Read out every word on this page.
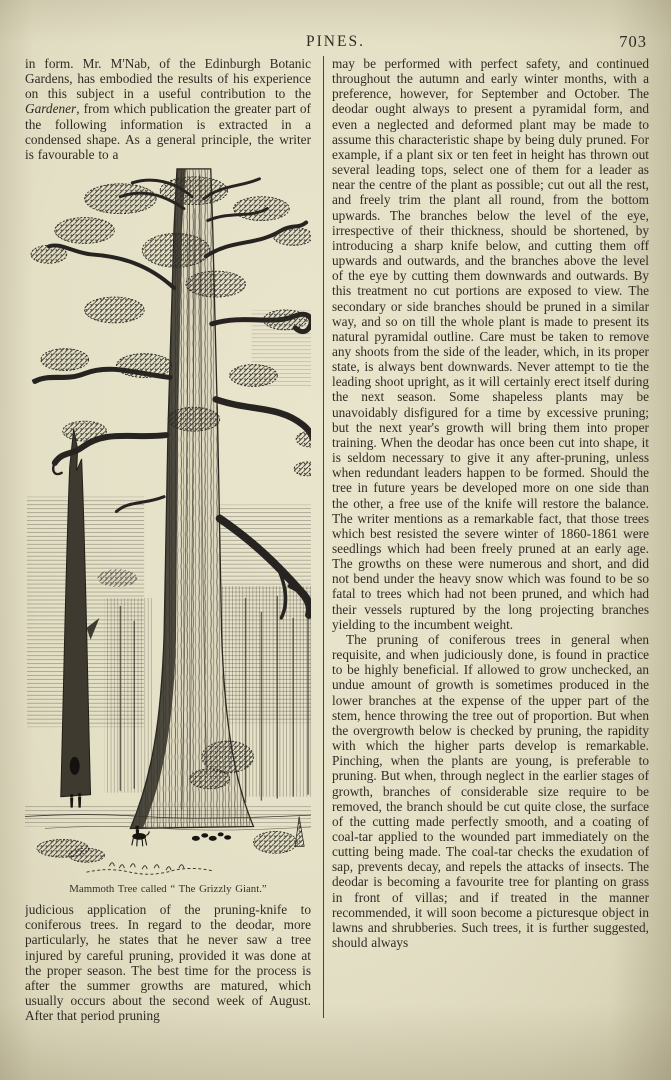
PINES.	703

in form. Mr. M'Nab, of the Edinburgh Botanic Gardens, has embodied the results of his experience on this subject in a useful contribution to the Gardener, from which publication the greater part of the following information is extracted in a condensed shape. As a general principle, the writer is favourable to a

Mammoth Tree called “ The Grizzly Giant.”

judicious application of the pruning-knife to coniferous trees. In regard to the deodar, more particularly, he states that he never saw a tree injured by careful pruning, provided it was done at the proper season. The best time for the process is after the summer growths are matured, which usually occurs about the second week of August. After that period pruning

may be performed with perfect safety, and continued throughout the autumn and early winter months, with a preference, however, for September and October. The deodar ought always to present a pyramidal form, and even a neglected and deformed plant may be made to assume this characteristic shape by being duly pruned. For example, if a plant six or ten feet in height has thrown out several leading tops, select one of them for a leader as near the centre of the plant as possible; cut out all the rest, and freely trim the plant all round, from the bottom upwards. The branches below the level of the eye, irrespective of their thickness, should be shortened, by introducing a sharp knife below, and cutting them off upwards and outwards, and the branches above the level of the eye by cutting them downwards and outwards. By this treatment no cut portions are exposed to view. The secondary or side branches should be pruned in a similar way, and so on till the whole plant is made to present its natural pyramidal outline. Care must be taken to remove any shoots from the side of the leader, which, in its proper state, is always bent downwards. Never attempt to tie the leading shoot upright, as it will certainly erect itself during the next season. Some shapeless plants may be unavoidably disfigured for a time by excessive pruning; but the next year's growth will bring them into proper training. When the deodar has once been cut into shape, it is seldom necessary to give it any after-pruning, unless when redundant leaders happen to be formed. Should the tree in future years be developed more on one side than the other, a free use of the knife will restore the balance. The writer mentions as a remarkable fact, that those trees which best resisted the severe winter of 1860-1861 were seedlings which had been freely pruned at an early age. The growths on these were numerous and short, and did not bend under the heavy snow which was found to be so fatal to trees which had not been pruned, and which had their vessels ruptured by the long projecting branches yielding to the incumbent weight.

The pruning of coniferous trees in general when requisite, and when judiciously done, is found in practice to be highly beneficial. If allowed to grow unchecked, an undue amount of growth is sometimes produced in the lower branches at the expense of the upper part of the stem, hence throwing the tree out of proportion. But when the overgrowth below is checked by pruning, the rapidity with which the higher parts develop is remarkable. Pinching, when the plants are young, is preferable to pruning. But when, through neglect in the earlier stages of growth, branches of considerable size require to be removed, the branch should be cut quite close, the surface of the cutting made perfectly smooth, and a coating of coal-tar applied to the wounded part immediately on the cutting being made. The coal-tar checks the exudation of sap, prevents decay, and repels the attacks of insects. The deodar is becoming a favourite tree for planting on grass in front of villas; and if treated in the manner recommended, it will soon become a picturesque object in lawns and shrubberies. Such trees, it is further suggested, should always
